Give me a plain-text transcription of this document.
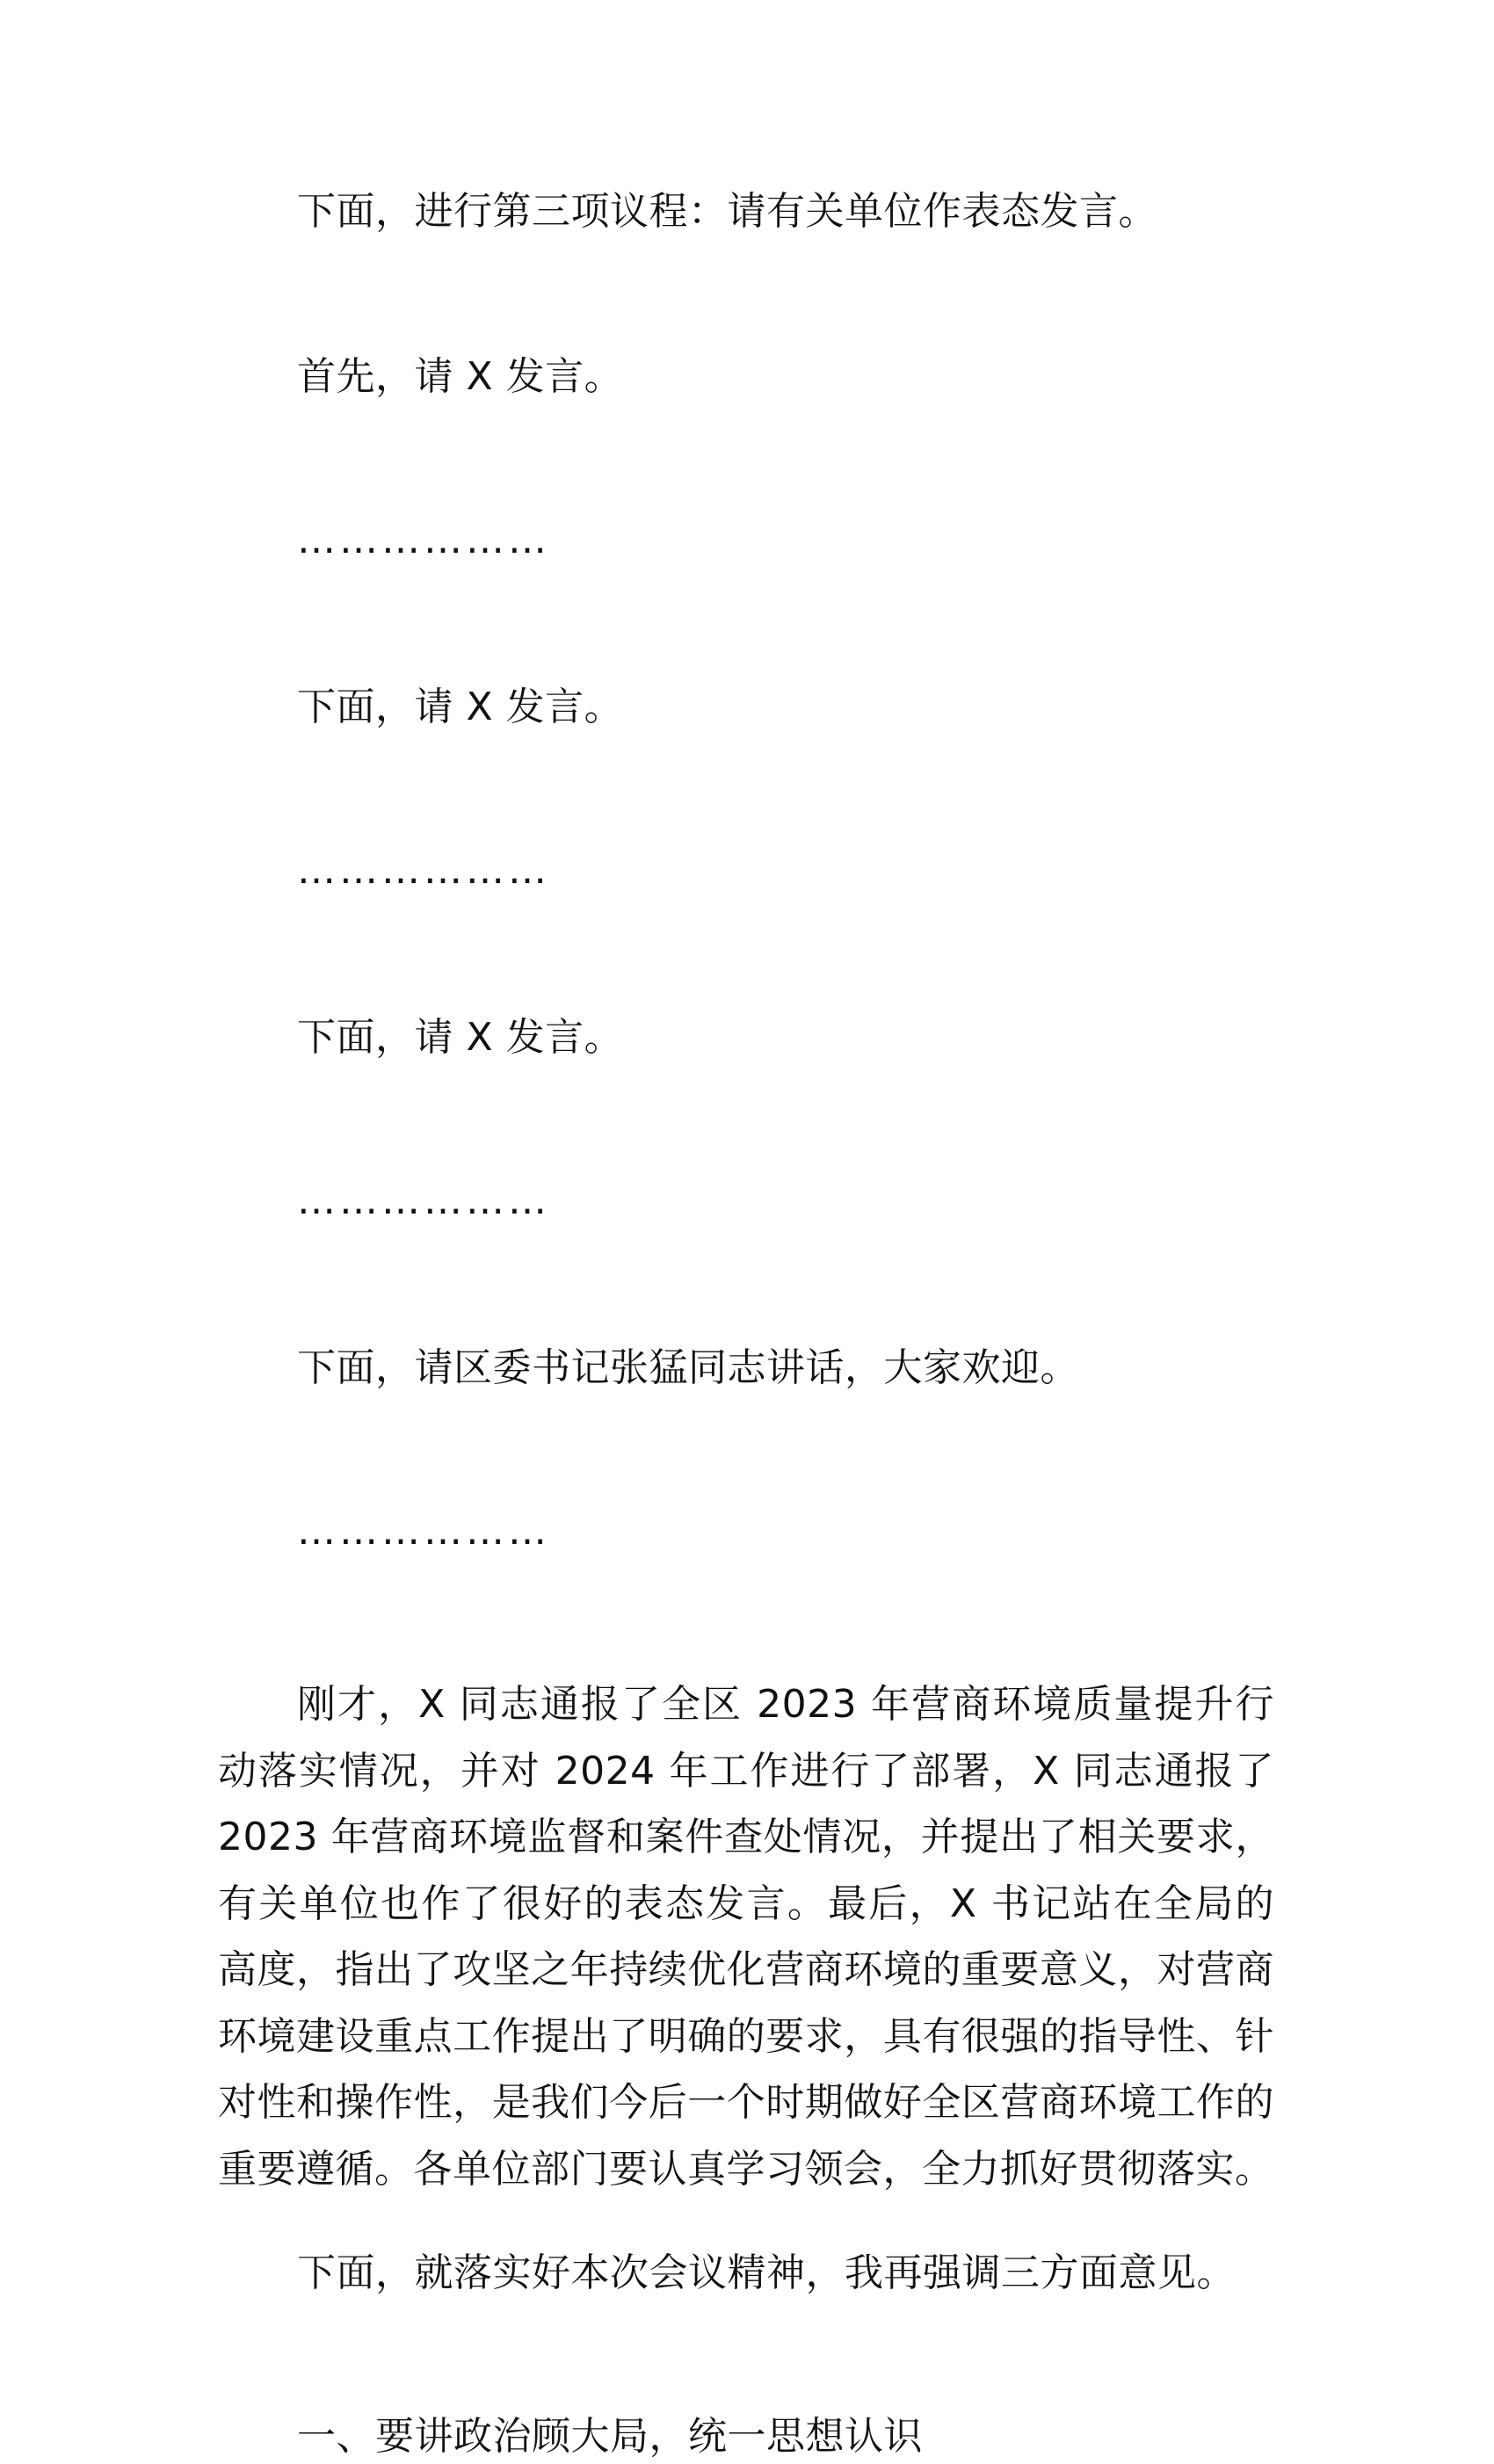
下面，进行第三项议程：请有关单位作表态发言。

首先，请 X 发言。

………………

下面，请 X 发言。

………………

下面，请 X 发言。

………………

下面，请区委书记张猛同志讲话，大家欢迎。

………………

刚才，X 同志通报了全区 2023 年营商环境质量提升行动落实情况，并对 2024 年工作进行了部署，X 同志通报了 2023 年营商环境监督和案件查处情况，并提出了相关要求，有关单位也作了很好的表态发言。最后，X 书记站在全局的高度，指出了攻坚之年持续优化营商环境的重要意义，对营商环境建设重点工作提出了明确的要求，具有很强的指导性、针对性和操作性，是我们今后一个时期做好全区营商环境工作的重要遵循。各单位部门要认真学习领会，全力抓好贯彻落实。

下面，就落实好本次会议精神，我再强调三方面意见。

一、要讲政治顾大局，统一思想认识
